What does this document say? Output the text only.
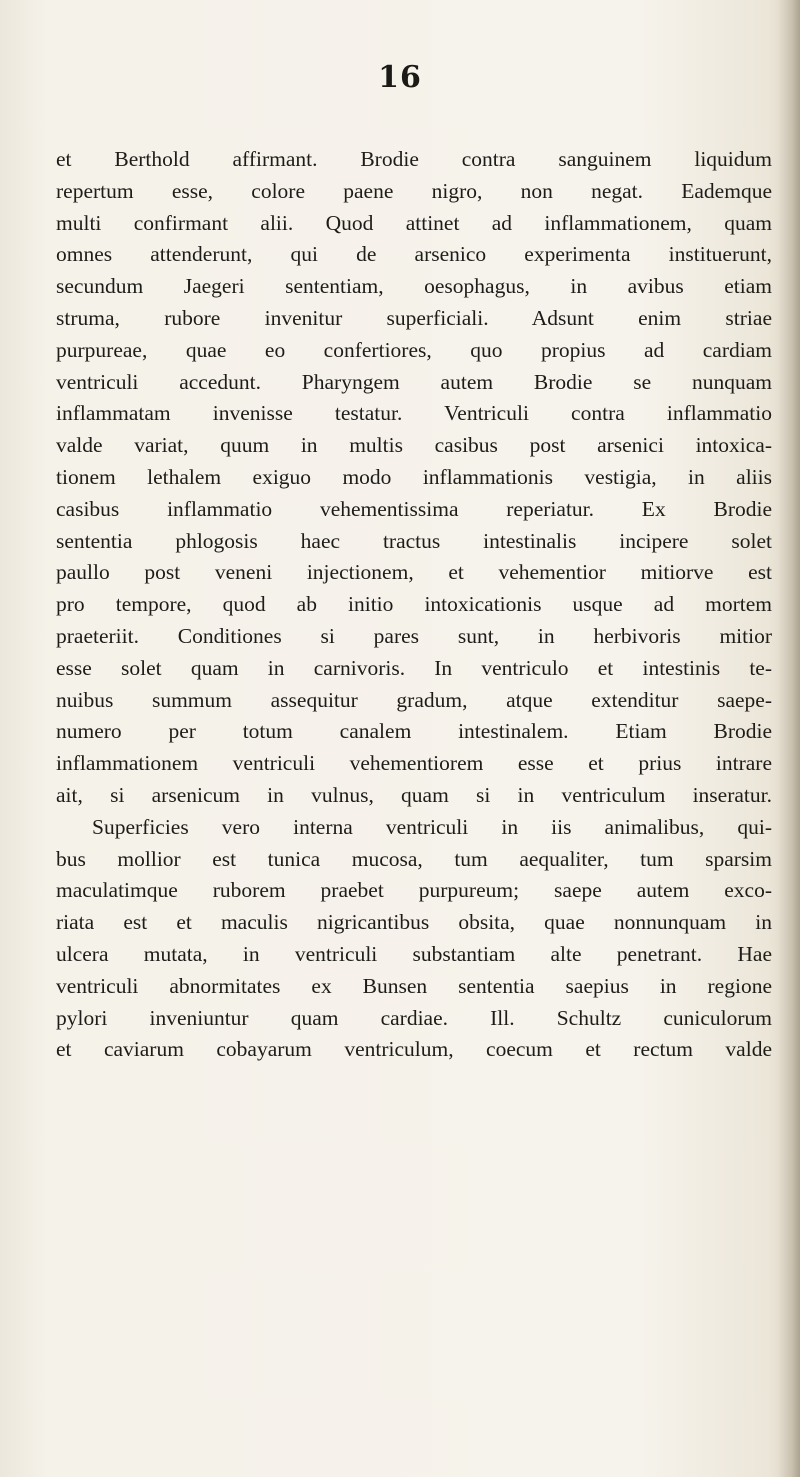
16
et Berthold affirmant. Brodie contra sanguinem liquidum
repertum esse, colore paene nigro, non negat. Eademque
multi confirmant alii. Quod attinet ad inflammationem, quam
omnes attenderunt, qui de arsenico experimenta instituerunt,
secundum Jaegeri sententiam, oesophagus, in avibus etiam
struma, rubore invenitur superficiali. Adsunt enim striae
purpureae, quae eo confertiores, quo propius ad cardiam
ventriculi accedunt. Pharyngem autem Brodie se nunquam
inflammatam invenisse testatur. Ventriculi contra inflammatio
valde variat, quum in multis casibus post arsenici intoxica-
tionem lethalem exiguo modo inflammationis vestigia, in aliis
casibus inflammatio vehementissima reperiatur. Ex Brodie
sententia phlogosis haec tractus intestinalis incipere solet
paullo post veneni injectionem, et vehementior mitiorve est
pro tempore, quod ab initio intoxicationis usque ad mortem
praeteriit. Conditiones si pares sunt, in herbivoris mitior
esse solet quam in carnivoris. In ventriculo et intestinis te-
nuibus summum assequitur gradum, atque extenditur saepe-
numero per totum canalem intestinalem. Etiam Brodie
inflammationem ventriculi vehementiorem esse et prius intrare
ait, si arsenicum in vulnus, quam si in ventriculum inseratur.
Superficies vero interna ventriculi in iis animalibus, qui-
bus mollior est tunica mucosa, tum aequaliter, tum sparsim
maculatimque ruborem praebet purpureum; saepe autem exco-
riata est et maculis nigricantibus obsita, quae nonnunquam in
ulcera mutata, in ventriculi substantiam alte penetrant. Hae
ventriculi abnormitates ex Bunsen sententia saepius in regione
pylori inveniuntur quam cardiae. Ill. Schultz cuniculorum
et caviarum cobayarum ventriculum, coecum et rectum valde
